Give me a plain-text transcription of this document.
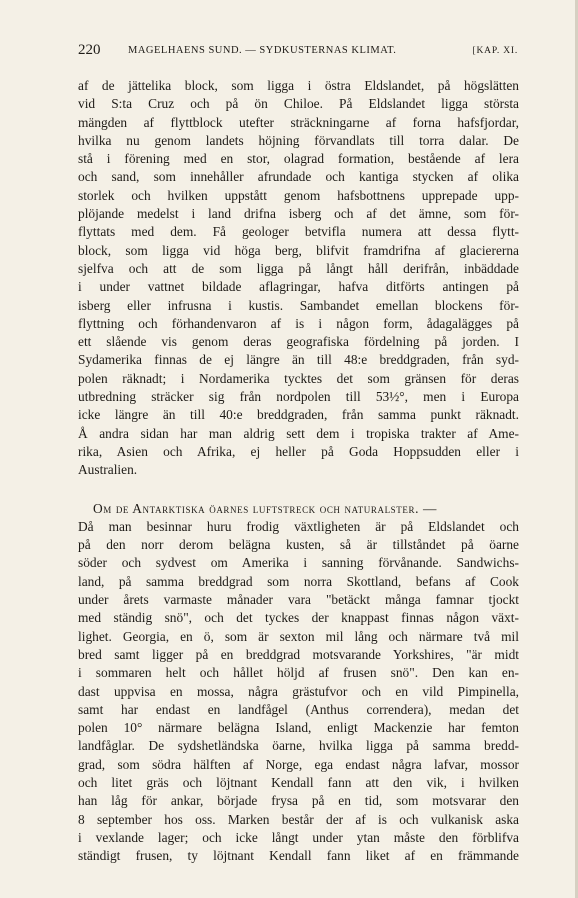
220	MAGELHAENS SUND. — SYDKUSTERNAS KLIMAT.	[KAP. XI.
af de jättelika block, som ligga i östra Eldslandet, på högslätten
vid S:ta Cruz och på ön Chiloe. På Eldslandet ligga största
mängden af flyttblock utefter sträckningarne af forna hafsfjordar,
hvilka nu genom landets höjning förvandlats till torra dalar. De
stå i förening med en stor, olagrad formation, bestående af lera
och sand, som innehåller afrundade och kantiga stycken af olika
storlek och hvilken uppstått genom hafsbottnens upprepade upp-
plöjande medelst i land drifna isberg och af det ämne, som för-
flyttats med dem. Få geologer betvifla numera att dessa flytt-
block, som ligga vid höga berg, blifvit framdrifna af glaciererna
sjelfva och att de som ligga på långt håll derifrån, inbäddade
i under vattnet bildade aflagringar, hafva ditförts antingen på
isberg eller infrusna i kustis. Sambandet emellan blockens för-
flyttning och förhandenvaron af is i någon form, ådagalägges på
ett slående vis genom deras geografiska fördelning på jorden. I
Sydamerika finnas de ej längre än till 48:e breddgraden, från syd-
polen räknadt; i Nordamerika tycktes det som gränsen för deras
utbredning sträcker sig från nordpolen till 53½°, men i Europa
icke längre än till 40:e breddgraden, från samma punkt räknadt.
Å andra sidan har man aldrig sett dem i tropiska trakter af Ame-
rika, Asien och Afrika, ej heller på Goda Hoppsudden eller i
Australien.
Om de Antarktiska öarnes luftstreck och naturalster. —
Då man besinnar huru frodig växtligheten är på Eldslandet och
på den norr derom belägna kusten, så är tillståndet på öarne
söder och sydvest om Amerika i sanning förvånande. Sandwichs-
land, på samma breddgrad som norra Skottland, befans af Cook
under årets varmaste månader vara "betäckt många famnar tjockt
med ständig snö", och det tyckes der knappast finnas någon växt-
lighet. Georgia, en ö, som är sexton mil lång och närmare två mil
bred samt ligger på en breddgrad motsvarande Yorkshires, "är midt
i sommaren helt och hållet höljd af frusen snö". Den kan en-
dast uppvisa en mossa, några grästufvor och en vild Pimpinella,
samt har endast en landfågel (Anthus correndera), medan det
polen 10° närmare belägna Island, enligt Mackenzie har femton
landfåglar. De sydshetländska öarne, hvilka ligga på samma bredd-
grad, som södra hälften af Norge, ega endast några lafvar, mossor
och litet gräs och löjtnant Kendall fann att den vik, i hvilken
han låg för ankar, började frysa på en tid, som motsvarar den
8 september hos oss. Marken består der af is och vulkanisk aska
i vexlande lager; och icke långt under ytan måste den förblifva
ständigt frusen, ty löjtnant Kendall fann liket af en främmande
